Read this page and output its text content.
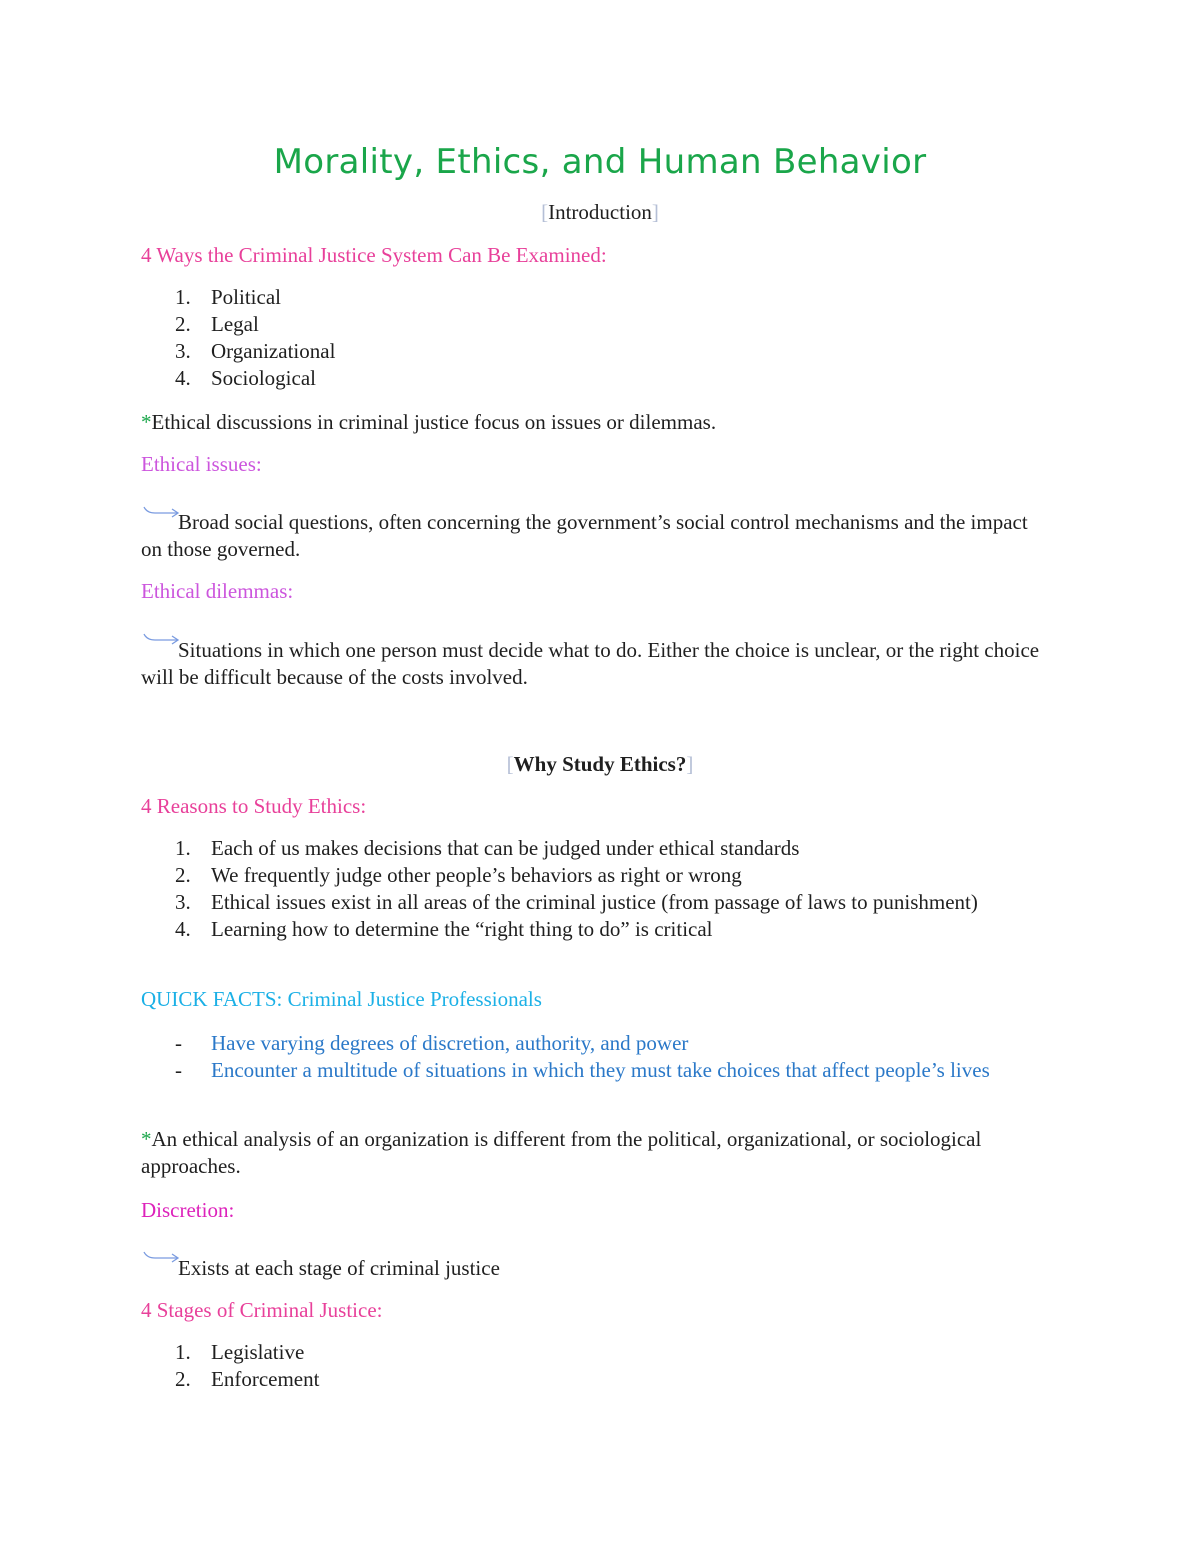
Morality, Ethics, and Human Behavior
[Introduction]

4 Ways the Criminal Justice System Can Be Examined:

1. Political
2. Legal
3. Organizational
4. Sociological

*Ethical discussions in criminal justice focus on issues or dilemmas.

Ethical issues:

Broad social questions, often concerning the government’s social control mechanisms and the impact on those governed.

Ethical dilemmas:

Situations in which one person must decide what to do. Either the choice is unclear, or the right choice will be difficult because of the costs involved.

[Why Study Ethics?]

4 Reasons to Study Ethics:

1. Each of us makes decisions that can be judged under ethical standards
2. We frequently judge other people’s behaviors as right or wrong
3. Ethical issues exist in all areas of the criminal justice (from passage of laws to punishment)
4. Learning how to determine the “right thing to do” is critical

QUICK FACTS: Criminal Justice Professionals

- Have varying degrees of discretion, authority, and power
- Encounter a multitude of situations in which they must take choices that affect people’s lives

*An ethical analysis of an organization is different from the political, organizational, or sociological approaches.

Discretion:

Exists at each stage of criminal justice

4 Stages of Criminal Justice:

1. Legislative
2. Enforcement
